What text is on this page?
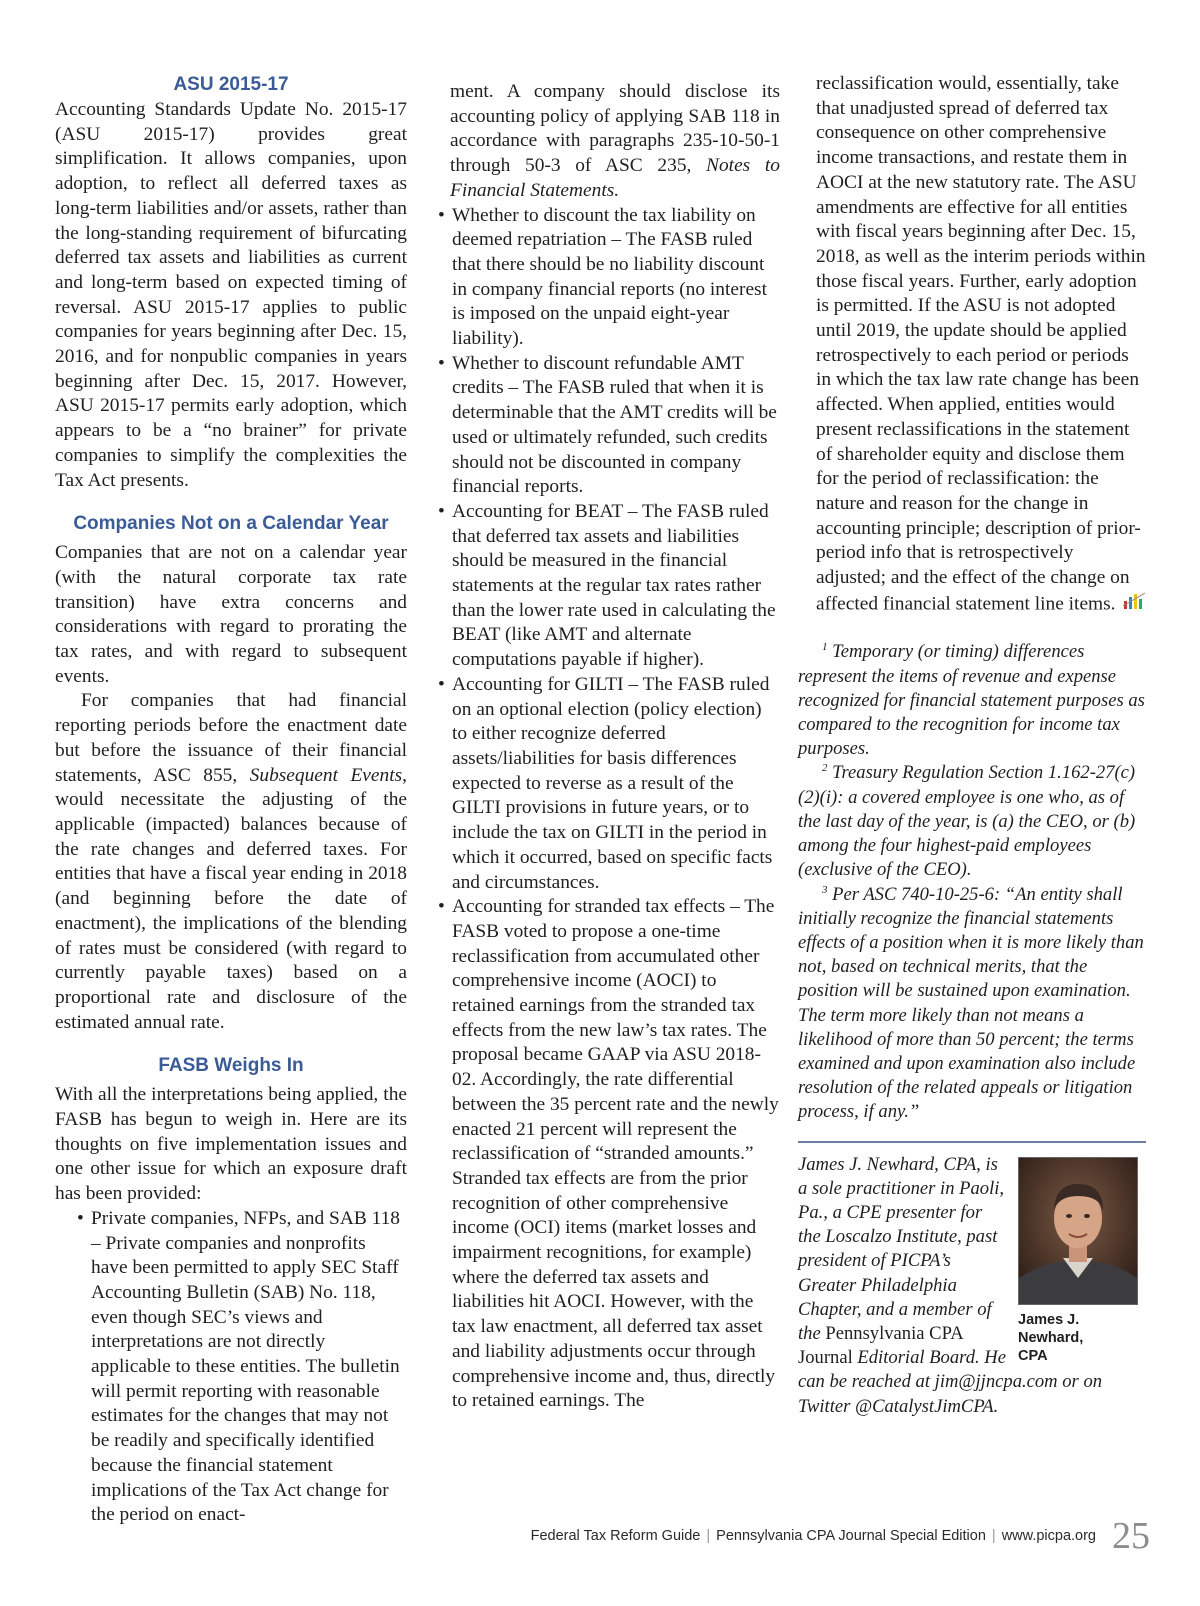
ASU 2015-17

Accounting Standards Update No. 2015-17 (ASU 2015-17) provides great simplification. It allows companies, upon adoption, to reflect all deferred taxes as long-term liabilities and/or assets, rather than the long-standing requirement of bifurcating deferred tax assets and liabilities as current and long-term based on expected timing of reversal. ASU 2015-17 applies to public companies for years beginning after Dec. 15, 2016, and for nonpublic companies in years beginning after Dec. 15, 2017. However, ASU 2015-17 permits early adoption, which appears to be a “no brainer” for private companies to simplify the complexities the Tax Act presents.

Companies Not on a Calendar Year

Companies that are not on a calendar year (with the natural corporate tax rate transition) have extra concerns and considerations with regard to prorating the tax rates, and with regard to subsequent events.

For companies that had financial reporting periods before the enactment date but before the issuance of their financial statements, ASC 855, Subsequent Events, would necessitate the adjusting of the applicable (impacted) balances because of the rate changes and deferred taxes. For entities that have a fiscal year ending in 2018 (and beginning before the date of enactment), the implications of the blending of rates must be considered (with regard to currently payable taxes) based on a proportional rate and disclosure of the estimated annual rate.

FASB Weighs In

With all the interpretations being applied, the FASB has begun to weigh in. Here are its thoughts on five implementation issues and one other issue for which an exposure draft has been provided:

• Private companies, NFPs, and SAB 118 – Private companies and nonprofits have been permitted to apply SEC Staff Accounting Bulletin (SAB) No. 118, even though SEC’s views and interpretations are not directly applicable to these entities. The bulletin will permit reporting with reasonable estimates for the changes that may not be readily and specifically identified because the financial statement implications of the Tax Act change for the period on enact-

ment. A company should disclose its accounting policy of applying SAB 118 in accordance with paragraphs 235-10-50-1 through 50-3 of ASC 235, Notes to Financial Statements.

• Whether to discount the tax liability on deemed repatriation – The FASB ruled that there should be no liability discount in company financial reports (no interest is imposed on the unpaid eight-year liability).
• Whether to discount refundable AMT credits – The FASB ruled that when it is determinable that the AMT credits will be used or ultimately refunded, such credits should not be discounted in company financial reports.
• Accounting for BEAT – The FASB ruled that deferred tax assets and liabilities should be measured in the financial statements at the regular tax rates rather than the lower rate used in calculating the BEAT (like AMT and alternate computations payable if higher).
• Accounting for GILTI – The FASB ruled on an optional election (policy election) to either recognize deferred assets/liabilities for basis differences expected to reverse as a result of the GILTI provisions in future years, or to include the tax on GILTI in the period in which it occurred, based on specific facts and circumstances.
• Accounting for stranded tax effects – The FASB voted to propose a one-time reclassification from accumulated other comprehensive income (AOCI) to retained earnings from the stranded tax effects from the new law’s tax rates. The proposal became GAAP via ASU 2018-02. Accordingly, the rate differential between the 35 percent rate and the newly enacted 21 percent will represent the reclassification of “stranded amounts.” Stranded tax effects are from the prior recognition of other comprehensive income (OCI) items (market losses and impairment recognitions, for example) where the deferred tax assets and liabilities hit AOCI. However, with the tax law enactment, all deferred tax asset and liability adjustments occur through comprehensive income and, thus, directly to retained earnings. The

reclassification would, essentially, take that unadjusted spread of deferred tax consequence on other comprehensive income transactions, and restate them in AOCI at the new statutory rate. The ASU amendments are effective for all entities with fiscal years beginning after Dec. 15, 2018, as well as the interim periods within those fiscal years. Further, early adoption is permitted. If the ASU is not adopted until 2019, the update should be applied retrospectively to each period or periods in which the tax law rate change has been affected. When applied, entities would present reclassifications in the statement of shareholder equity and disclose them for the period of reclassification: the nature and reason for the change in accounting principle; description of prior-period info that is retrospectively adjusted; and the effect of the change on affected financial statement line items.

$^1$ Temporary (or timing) differences represent the items of revenue and expense recognized for financial statement purposes as compared to the recognition for income tax purposes.

$^2$ Treasury Regulation Section 1.162-27(c)(2)(i): a covered employee is one who, as of the last day of the year, is (a) the CEO, or (b) among the four highest-paid employees (exclusive of the CEO).

$^3$ Per ASC 740-10-25-6: “An entity shall initially recognize the financial statements effects of a position when it is more likely than not, based on technical merits, that the position will be sustained upon examination. The term more likely than not means a likelihood of more than 50 percent; the terms examined and upon examination also include resolution of the related appeals or litigation process, if any.”

James J. Newhard,
CPA

James J. Newhard, CPA, is a sole practitioner in Paoli, Pa., a CPE presenter for the Loscalzo Institute, past president of PICPA’s Greater Philadelphia Chapter, and a member of the Pennsylvania CPA Journal Editorial Board. He can be reached at jim@jjncpa.com or on Twitter @CatalystJimCPA.

Federal Tax Reform Guide | Pennsylvania CPA Journal Special Edition | www.picpa.org 25
